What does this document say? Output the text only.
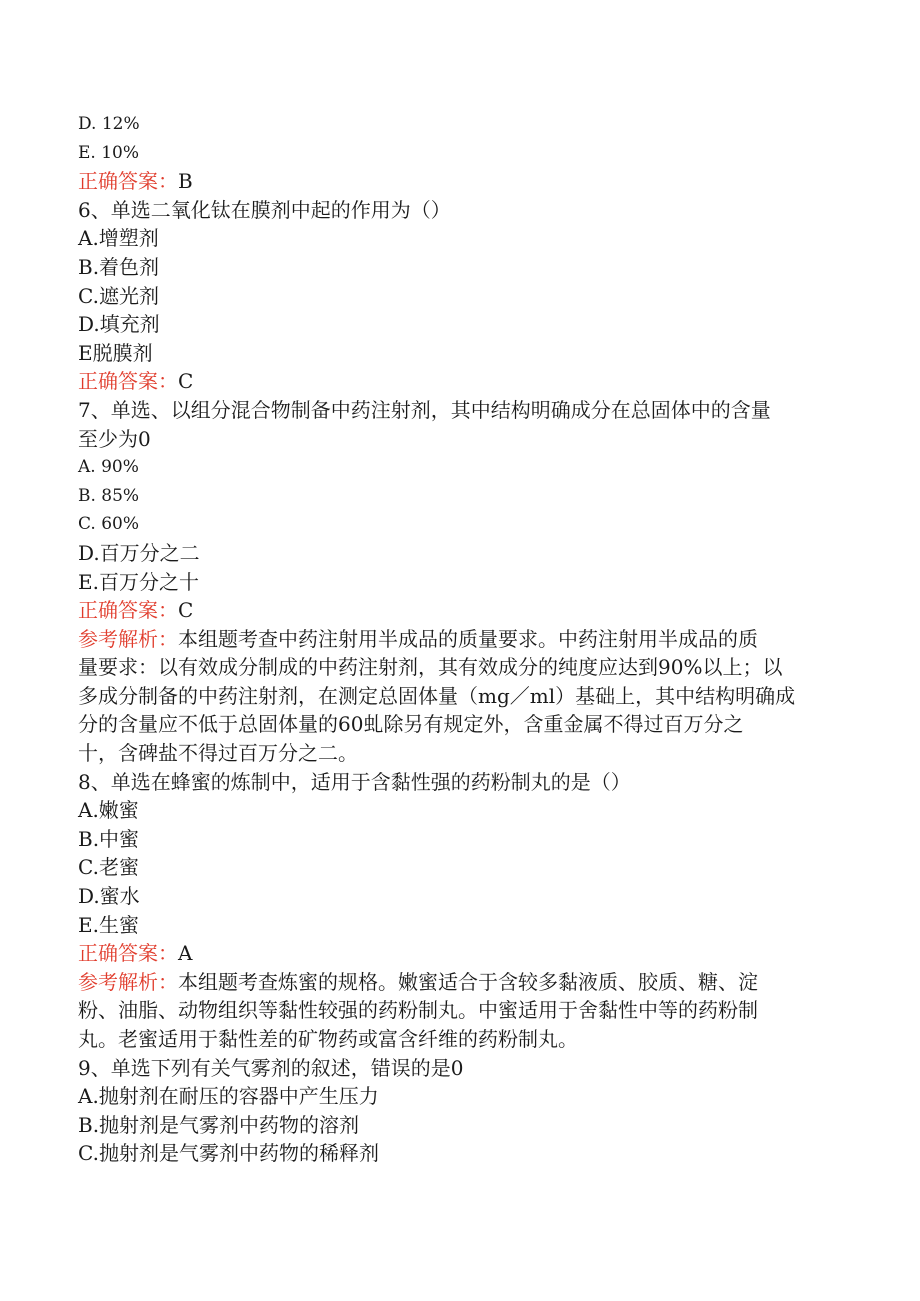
D. 12%

E. 10%

正确答案：B

6、单选二氧化钛在膜剂中起的作用为（）

A.增塑剂

B.着色剂

C.遮光剂

D.填充剂

E脱膜剂

正确答案：C

7、单选、以组分混合物制备中药注射剂，其中结构明确成分在总固体中的含量

至少为0

A. 90%

B. 85%

C. 60%

D.百万分之二

E.百万分之十

正确答案：C

参考解析：本组题考查中药注射用半成品的质量要求。中药注射用半成品的质

量要求：以有效成分制成的中药注射剂，其有效成分的纯度应达到90%以上；以

多成分制备的中药注射剂，在测定总固体量（mg／ml）基础上，其中结构明确成

分的含量应不低于总固体量的60虬除另有规定外，含重金属不得过百万分之

十，含碑盐不得过百万分之二。

8、单选在蜂蜜的炼制中，适用于含黏性强的药粉制丸的是（）

A.嫩蜜

B.中蜜

C.老蜜

D.蜜水

E.生蜜

正确答案：A

参考解析：本组题考查炼蜜的规格。嫩蜜适合于含较多黏液质、胶质、糖、淀

粉、油脂、动物组织等黏性较强的药粉制丸。中蜜适用于舍黏性中等的药粉制

丸。老蜜适用于黏性差的矿物药或富含纤维的药粉制丸。

9、单选下列有关气雾剂的叙述，错误的是0

A.抛射剂在耐压的容器中产生压力

B.抛射剂是气雾剂中药物的溶剂

C.抛射剂是气雾剂中药物的稀释剂
